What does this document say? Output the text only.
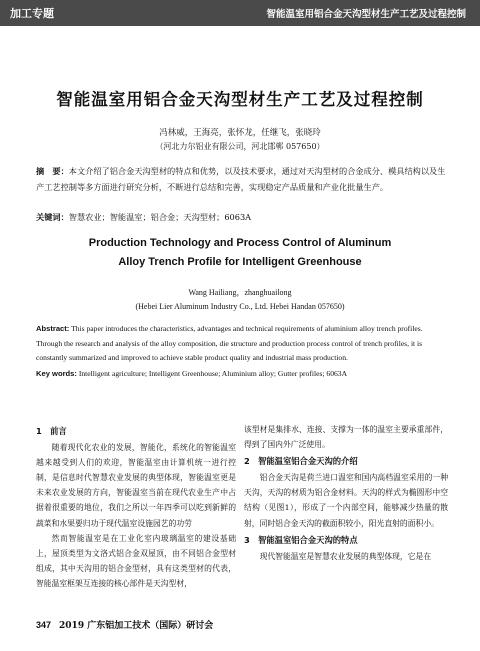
加工专题	智能温室用铝合金天沟型材生产工艺及过程控制
智能温室用铝合金天沟型材生产工艺及过程控制
冯林威，王海亮，张怀龙，任继飞，张晓玲
（河北力尔铝业有限公司，河北邯郸 057650）
摘　要：本文介绍了铝合金天沟型材的特点和优势，以及技术要求，通过对天沟型材的合金成分、模具结构以及生产工艺控制等多方面进行研究分析，不断进行总结和完善，实现稳定产品质量和产业化批量生产。
关键词：智慧农业；智能温室；铝合金；天沟型材；6063A
Production Technology and Process Control of Aluminum
Alloy Trench Profile for Intelligent Greenhouse
Wang Hailiang，zhanghuailong
(Hebei Lier Aluminum Industry Co., Ltd. Hebei Handan 057650)
Abstract: This paper introduces the characteristics, advantages and technical requirements of aluminium alloy trench profiles. Through the research and analysis of the alloy composition, die structure and production process control of trench profiles, it is constantly summarized and improved to achieve stable product quality and industrial mass production.
Key words: Intelligent agriculture; Intelligent Greenhouse; Aluminium alloy; Gutter profiles; 6063A
1　前言

随着现代化农业的发展，智能化，系统化的智能温室越来越受到人们的欢迎，智能温室由计算机统一进行控制，是信息时代智慧农业发展的典型体现，智能温室更是未来农业发展的方向，智能温室当前在现代农业生产中占据着很重要的地位，我们之所以一年四季可以吃到新鲜的蔬菜和水果要归功于现代温室设施园艺的功劳

然而智能温室是在工业化室内玻璃温室的建设基础上，屋顶类型为文洛式铝合金双屋顶，由不同铝合金型材组成，其中天沟用的铝合金型材，具有这类型材的代表，智能温室框架互连接的核心部件是天沟型材，

该型材是集排水、连接、支撑为一体的温室主要承重部件，得到了国内外广泛使用。

2　智能温室铝合金天沟的介绍

铝合金天沟是荷兰进口温室和国内高档温室采用的一种天沟，天沟的材质为铝合金材料。天沟的样式为椭圆形中空结构（见图1），形成了一个内部空间，能够减少热量的散射，同时铝合金天沟的截面积较小，阳光直射的面积小。

3　智能温室铝合金天沟的特点

现代智能温室是智慧农业发展的典型体现，它是在

347 2019 广东铝加工技术（国际）研讨会
